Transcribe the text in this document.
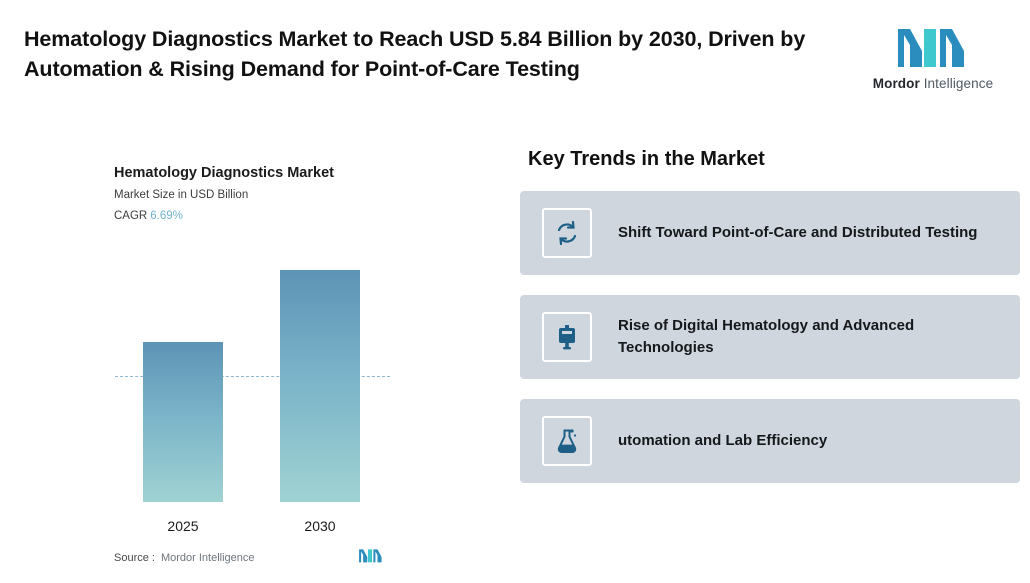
Hematology Diagnostics Market to Reach USD 5.84 Billion by 2030, Driven by Automation & Rising Demand for Point-of-Care Testing
Mordor Intelligence
Hematology Diagnostics Market
Market Size in USD Billion
CAGR 6.69%
2025	2030
Source : Mordor Intelligence
Key Trends in the Market
Shift Toward Point-of-Care and Distributed Testing
Rise of Digital Hematology and Advanced Technologies
utomation and Lab Efficiency
